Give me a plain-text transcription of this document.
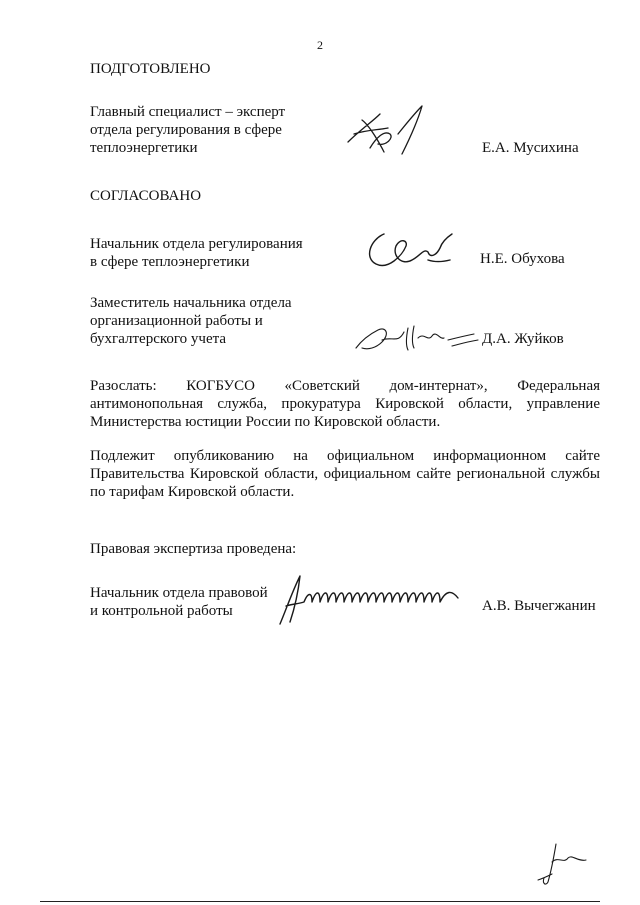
2
ПОДГОТОВЛЕНО
Главный специалист – эксперт
отдела регулирования в сфере
теплоэнергетики	Е.А. Мусихина
СОГЛАСОВАНО
Начальник отдела регулирования
в сфере теплоэнергетики	Н.Е. Обухова
Заместитель начальника отдела
организационной работы и
бухгалтерского учета	Д.А. Жуйков
Разослать: КОГБУСО «Советский дом-интернат», Федеральная
антимонопольная служба, прокуратура Кировской области, управление
Министерства юстиции России по Кировской области.
Подлежит опубликованию на официальном информационном сайте
Правительства Кировской области, официальном сайте региональной службы
по тарифам Кировской области.
Правовая экспертиза проведена:
Начальник отдела правовой
и контрольной работы	А.В. Вычегжанин
